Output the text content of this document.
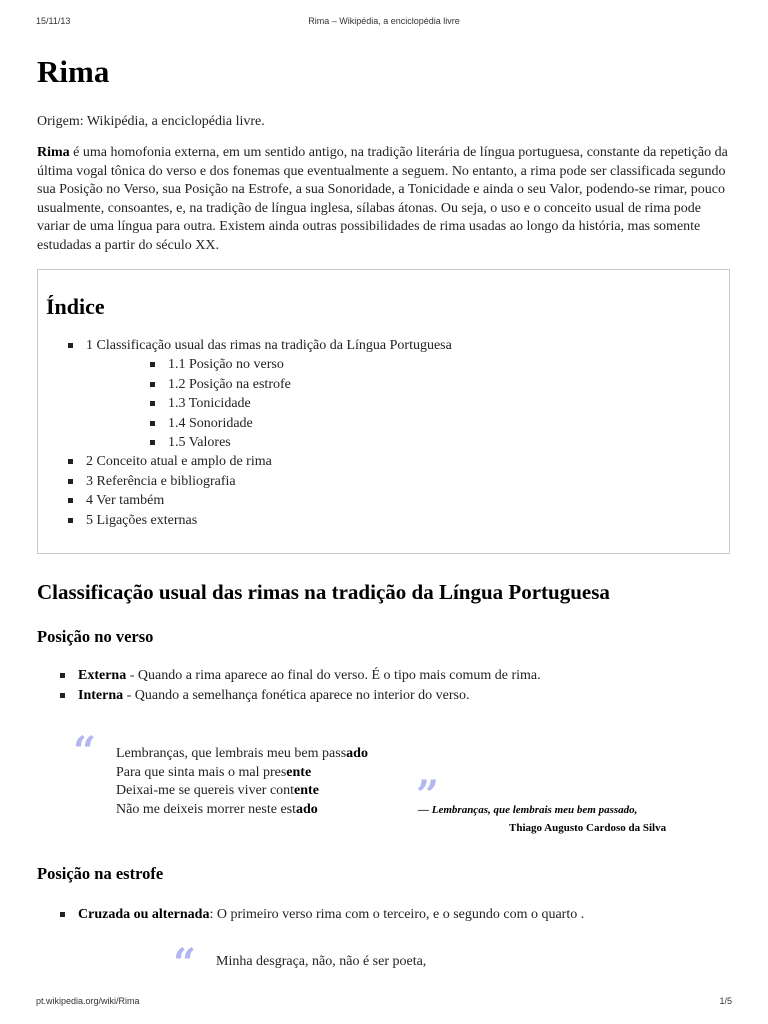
15/11/13	Rima – Wikipédia, a enciclopédia livre
Rima
Origem: Wikipédia, a enciclopédia livre.

Rima é uma homofonia externa, em um sentido antigo, na tradição literária de língua portuguesa, constante da repetição da última vogal tônica do verso e dos fonemas que eventualmente a seguem. No entanto, a rima pode ser classificada segundo sua Posição no Verso, sua Posição na Estrofe, a sua Sonoridade, a Tonicidade e ainda o seu Valor, podendo-se rimar, pouco usualmente, consoantes, e, na tradição de língua inglesa, sílabas átonas. Ou seja, o uso e o conceito usual de rima pode variar de uma língua para outra. Existem ainda outras possibilidades de rima usadas ao longo da história, mas somente estudadas a partir do século XX.

Índice
1 Classificação usual das rimas na tradição da Língua Portuguesa
1.1 Posição no verso
1.2 Posição na estrofe
1.3 Tonicidade
1.4 Sonoridade
1.5 Valores
2 Conceito atual e amplo de rima
3 Referência e bibliografia
4 Ver também
5 Ligações externas
Classificação usual das rimas na tradição da Língua Portuguesa
Posição no verso
Externa - Quando a rima aparece ao final do verso. É o tipo mais comum de rima.
Interna - Quando a semelhança fonética aparece no interior do verso.
“ Lembranças, que lembrais meu bem passado
Para que sinta mais o mal presente
Deixai-me se quereis viver contente
Não me deixeis morrer neste estado	”
— Lembranças, que lembrais meu bem passado,
Thiago Augusto Cardoso da Silva
Posição na estrofe
Cruzada ou alternada: O primeiro verso rima com o terceiro, e o segundo com o quarto .
“ Minha desgraça, não, não é ser poeta,
pt.wikipedia.org/wiki/Rima	1/5
